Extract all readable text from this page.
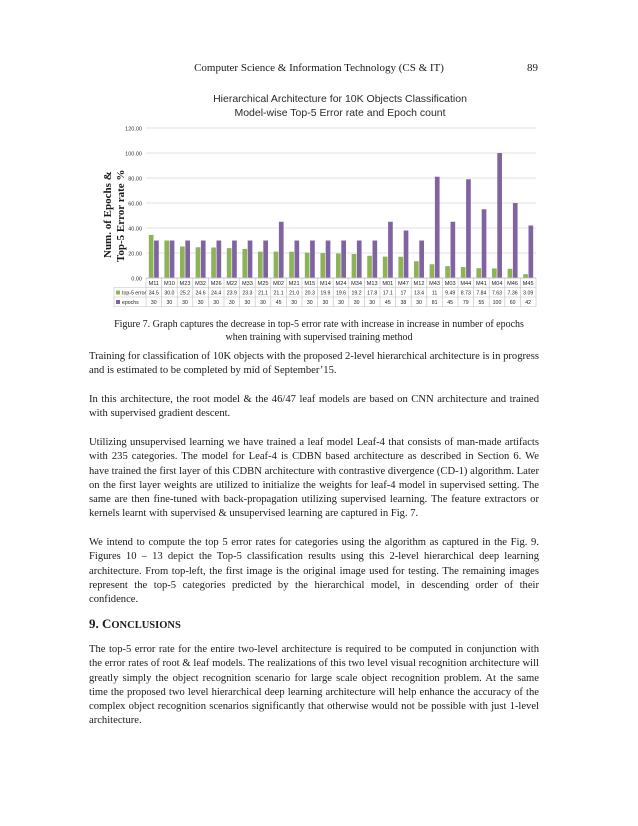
Computer Science & Information Technology (CS & IT)	89
Hierarchical Architecture for 10K Objects Classification
Model-wise Top-5 Error rate and Epoch count
Num. of Epochs & Top-5 Error rate %
0.00
20.00
40.00
60.00
80.00
100.00
120.00
M11
34.5
30
M10
30.0
30
M23
25.2
30
M32
24.6
30
M26
24.4
30
M22
23.9
30
M33
23.3
30
M25
21.1
30
M02
21.1
45
M21
21.0
30
M15
20.3
30
M14
19.9
30
M24
19.6
30
M34
19.2
30
M13
17.8
30
M01
17.1
45
M47
17
38
M12
13.4
30
M43
11
81
M03
9.49
45
M44
8.73
79
M41
7.84
55
M04
7.63
100
M46
7.36
60
M45
3.09
42
top-5 error
epochs
Figure 7. Graph captures the decrease in top-5 error rate with increase in increase in number of epochs
when training with supervised training method

Training for classification of 10K objects with the proposed 2-level hierarchical architecture is in progress and is estimated to be completed by mid of September’15.

In this architecture, the root model & the 46/47 leaf models are based on CNN architecture and trained with supervised gradient descent.

Utilizing unsupervised learning we have trained a leaf model Leaf-4 that consists of man-made artifacts with 235 categories. The model for Leaf-4 is CDBN based architecture as described in Section 6. We have trained the first layer of this CDBN architecture with contrastive divergence (CD-1) algorithm. Later on the first layer weights are utilized to initialize the weights for leaf-4 model in supervised setting. The same are then fine-tuned with back-propagation utilizing supervised learning. The feature extractors or kernels learnt with supervised & unsupervised learning are captured in Fig. 7.

We intend to compute the top 5 error rates for categories using the algorithm as captured in the Fig. 9. Figures 10 – 13 depict the Top-5 classification results using this 2-level hierarchical deep learning architecture. From top-left, the first image is the original image used for testing. The remaining images represent the top-5 categories predicted by the hierarchical model, in descending order of their confidence.

9. CONCLUSIONS

The top-5 error rate for the entire two-level architecture is required to be computed in conjunction with the error rates of root & leaf models. The realizations of this two level visual recognition architecture will greatly simply the object recognition scenario for large scale object recognition problem. At the same time the proposed two level hierarchical deep learning architecture will help enhance the accuracy of the complex object recognition scenarios significantly that otherwise would not be possible with just 1-level architecture.
